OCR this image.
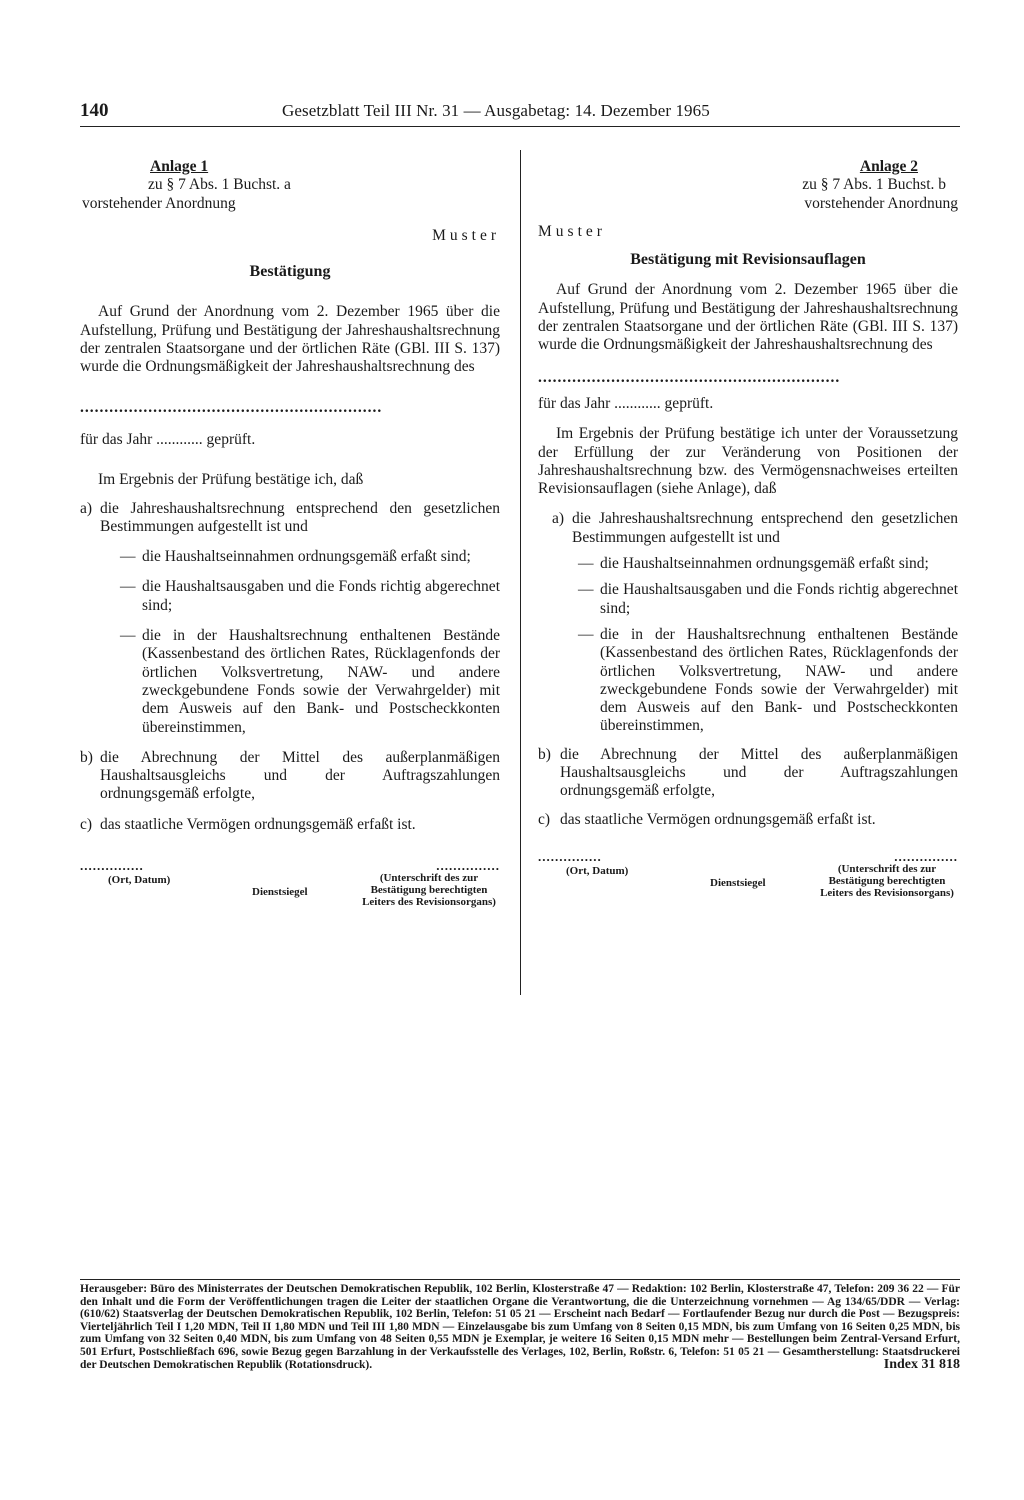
140	Gesetzblatt Teil III Nr. 31 — Ausgabetag: 14. Dezember 1965
Anlage 1
zu § 7 Abs. 1 Buchst. a
vorstehender Anordnung
Muster
Bestätigung

Auf Grund der Anordnung vom 2. Dezember 1965 über die Aufstellung, Prüfung und Bestätigung der Jahreshaushaltsrechnung der zentralen Staatsorgane und der örtlichen Räte (GBl. III S. 137) wurde die Ordnungsmäßigkeit der Jahreshaushaltsrechnung des

..............................................................
für das Jahr ............ geprüft.

Im Ergebnis der Prüfung bestätige ich, daß

a) die Jahreshaushaltsrechnung entsprechend den gesetzlichen Bestimmungen aufgestellt ist und
— die Haushaltseinnahmen ordnungsgemäß erfaßt sind;
— die Haushaltsausgaben und die Fonds richtig abgerechnet sind;
— die in der Haushaltsrechnung enthaltenen Bestände (Kassenbestand des örtlichen Rates, Rücklagenfonds der örtlichen Volksvertretung, NAW- und andere zweckgebundene Fonds sowie der Verwahrgelder) mit dem Ausweis auf den Bank- und Postscheckkonten übereinstimmen,
b) die Abrechnung der Mittel des außerplanmäßigen Haushaltsausgleichs und der Auftragszahlungen ordnungsgemäß erfolgte,
c) das staatliche Vermögen ordnungsgemäß erfaßt ist.
...............	...............
(Ort, Datum)
Dienstsiegel
(Unterschrift des zur Bestätigung berechtigten Leiters des Revisionsorgans)
Anlage 2
zu § 7 Abs. 1 Buchst. b
vorstehender Anordnung
Muster
Bestätigung mit Revisionsauflagen

Auf Grund der Anordnung vom 2. Dezember 1965 über die Aufstellung, Prüfung und Bestätigung der Jahreshaushaltsrechnung der zentralen Staatsorgane und der örtlichen Räte (GBl. III S. 137) wurde die Ordnungsmäßigkeit der Jahreshaushaltsrechnung des

..............................................................
für das Jahr ............ geprüft.

Im Ergebnis der Prüfung bestätige ich unter der Voraussetzung der Erfüllung der zur Veränderung von Positionen der Jahreshaushaltsrechnung bzw. des Vermögensnachweises erteilten Revisionsauflagen (siehe Anlage), daß

a) die Jahreshaushaltsrechnung entsprechend den gesetzlichen Bestimmungen aufgestellt ist und
— die Haushaltseinnahmen ordnungsgemäß erfaßt sind;
— die Haushaltsausgaben und die Fonds richtig abgerechnet sind;
— die in der Haushaltsrechnung enthaltenen Bestände (Kassenbestand des örtlichen Rates, Rücklagenfonds der örtlichen Volksvertretung, NAW- und andere zweckgebundene Fonds sowie der Verwahrgelder) mit dem Ausweis auf den Bank- und Postscheckkonten übereinstimmen,
b) die Abrechnung der Mittel des außerplanmäßigen Haushaltsausgleichs und der Auftragszahlungen ordnungsgemäß erfolgte,
c) das staatliche Vermögen ordnungsgemäß erfaßt ist.
...............	...............
(Ort, Datum)
Dienstsiegel
(Unterschrift des zur Bestätigung berechtigten Leiters des Revisionsorgans)
Herausgeber: Büro des Ministerrates der Deutschen Demokratischen Republik, 102 Berlin, Klosterstraße 47 — Redaktion: 102 Berlin, Klosterstraße 47, Telefon: 209 36 22 — Für den Inhalt und die Form der Veröffentlichungen tragen die Leiter der staatlichen Organe die Verantwortung, die die Unterzeichnung vornehmen — Ag 134/65/DDR — Verlag: (610/62) Staatsverlag der Deutschen Demokratischen Republik, 102 Berlin, Telefon: 51 05 21 — Erscheint nach Bedarf — Fortlaufender Bezug nur durch die Post — Bezugspreis: Vierteljährlich Teil I 1,20 MDN, Teil II 1,80 MDN und Teil III 1,80 MDN — Einzelausgabe bis zum Umfang von 8 Seiten 0,15 MDN, bis zum Umfang von 16 Seiten 0,25 MDN, bis zum Umfang von 32 Seiten 0,40 MDN, bis zum Umfang von 48 Seiten 0,55 MDN je Exemplar, je weitere 16 Seiten 0,15 MDN mehr — Bestellungen beim Zentral-Versand Erfurt, 501 Erfurt, Postschließfach 696, sowie Bezug gegen Barzahlung in der Verkaufsstelle des Verlages, 102, Berlin, Roßstr. 6, Telefon: 51 05 21 — Gesamtherstellung: Staatsdruckerei der Deutschen Demokratischen Republik (Rotationsdruck).	Index 31 818
